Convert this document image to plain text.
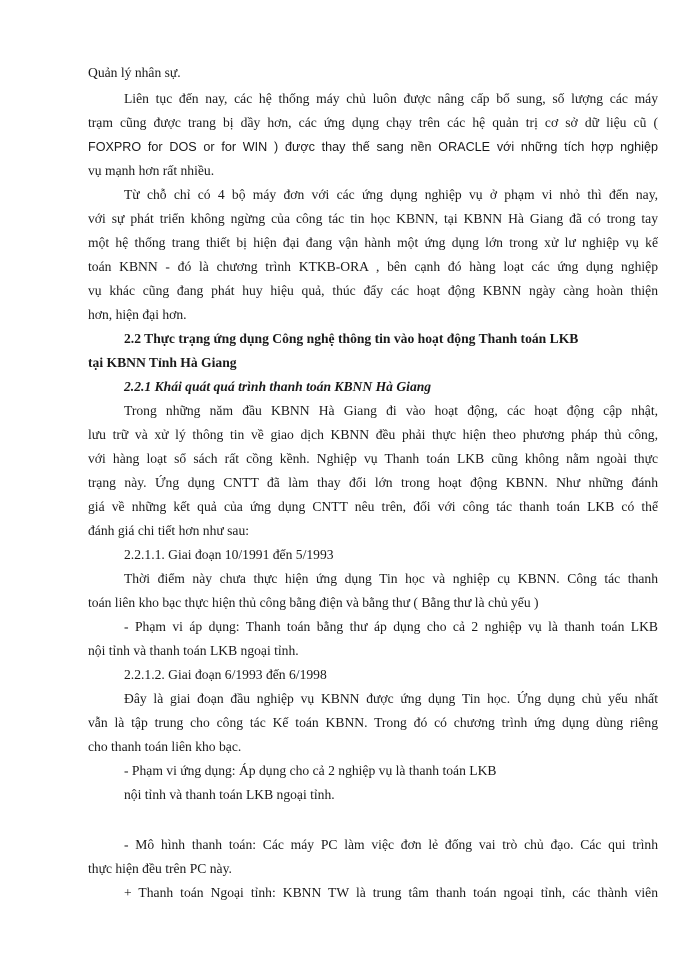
Quản lý nhân sự.
Liên tục đến nay, các hệ thống máy chủ luôn được nâng cấp bổ sung, số lượng các máy
trạm cũng được trang bị dầy hơn, các ứng dụng chạy trên các hệ quản trị cơ sở dữ liệu cũ (
FOXPRO for DOS or for WIN ) được thay thế sang nền ORACLE với những tích hợp nghiệp
vụ mạnh hơn rất nhiều.
Từ chỗ chỉ có 4 bộ máy đơn với các ứng dụng nghiệp vụ ở phạm vi nhỏ thì đến nay,
với sự phát triển không ngừng của công tác tin học KBNN, tại KBNN Hà Giang đã có trong tay
một hệ thống trang thiết bị hiện đại đang vận hành một ứng dụng lớn trong xử lư nghiệp vụ kế
toán KBNN - đó là chương trình KTKB-ORA , bên cạnh đó hàng loạt các ứng dụng nghiệp
vụ khác cũng đang phát huy hiệu quả, thúc đẩy các hoạt động KBNN ngày càng hoàn thiện
hơn, hiện đại hơn.
2.2 Thực trạng ứng dụng Công nghệ thông tin vào hoạt động Thanh toán LKB
tại KBNN Tỉnh Hà Giang
2.2.1 Khái quát quá trình thanh toán KBNN Hà Giang
Trong những năm đầu KBNN Hà Giang đi vào hoạt động, các hoạt động cập nhật,
lưu trữ và xử lý thông tin về giao dịch KBNN đều phải thực hiện theo phương pháp thủ công,
với hàng loạt sổ sách rất cồng kềnh. Nghiệp vụ Thanh toán LKB cũng không nằm ngoài thực
trạng này. Ứng dụng CNTT đã làm thay đổi lớn trong hoạt động KBNN. Như những đánh
giá về những kết quả của ứng dụng CNTT nêu trên, đối với công tác thanh toán LKB có thể
đánh giá chi tiết hơn như sau:
2.2.1.1. Giai đoạn 10/1991 đến 5/1993
Thời điểm này chưa thực hiện ứng dụng Tin học và nghiệp cụ KBNN. Công tác thanh
toán liên kho bạc thực hiện thủ công bằng điện và bằng thư ( Bằng thư là chủ yếu )
- Phạm vi áp dụng: Thanh toán bằng thư áp dụng cho cả 2 nghiệp vụ là thanh toán LKB
nội tỉnh và thanh toán LKB ngoại tỉnh.
2.2.1.2. Giai đoạn 6/1993 đến 6/1998
Đây là giai đoạn đầu nghiệp vụ KBNN được ứng dụng Tin học. Ứng dụng chủ yếu nhất
vẫn là tập trung cho công tác Kế toán KBNN. Trong đó có chương trình ứng dụng dùng riêng
cho thanh toán liên kho bạc.
- Phạm vi ứng dụng: Áp dụng cho cả 2 nghiệp vụ là thanh toán LKB
nội tỉnh và thanh toán LKB ngoại tỉnh.
- Mô hình thanh toán: Các máy PC làm việc đơn lẻ đống vai trò chủ đạo. Các qui trình
thực hiện đều trên PC này.
+ Thanh toán Ngoại tỉnh: KBNN TW là trung tâm thanh toán ngoại tỉnh, các thành viên
